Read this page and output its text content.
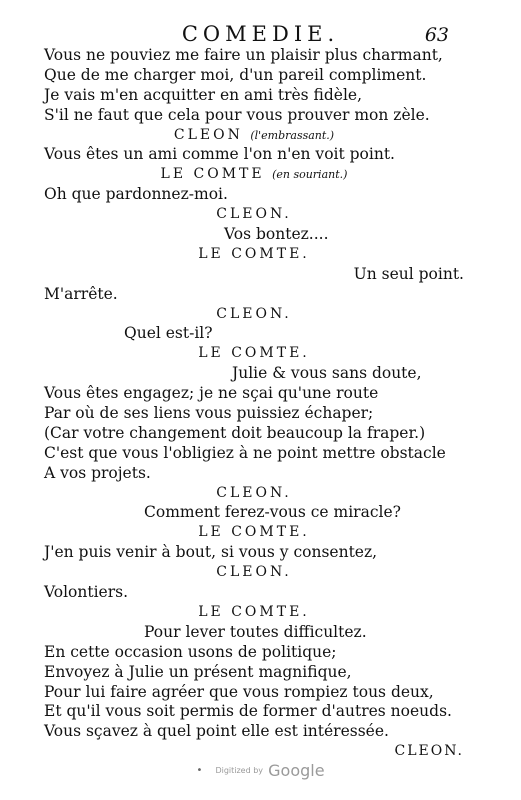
COMEDIE.	63
Vous ne pouviez me faire un plaisir plus charmant,
Que de me charger moi, d'un pareil compliment.
Je vais m'en acquitter en ami très fidèle,
S'il ne faut que cela pour vous prouver mon zèle.
CLEON (l'embrassant.)
Vous êtes un ami comme l'on n'en voit point.
LE COMTE (en souriant.)
Oh que pardonnez-moi.
CLEON.
Vos bontez....
LE COMTE.
Un seul point.
M'arrête.
CLEON.
Quel est-il?
LE COMTE.
Julie & vous sans doute,
Vous êtes engagez; je ne sçai qu'une route
Par où de ses liens vous puissiez échaper;
(Car votre changement doit beaucoup la fraper.)
C'est que vous l'obligiez à ne point mettre obstacle
A vos projets.
CLEON.
Comment ferez-vous ce miracle?
LE COMTE.
J'en puis venir à bout, si vous y consentez,
CLEON.
Volontiers.
LE COMTE.
Pour lever toutes difficultez.
En cette occasion usons de politique;
Envoyez à Julie un présent magnifique,
Pour lui faire agréer que vous rompiez tous deux,
Et qu'il vous soit permis de former d'autres noeuds.
Vous sçavez à quel point elle est intéressée.
CLEON.
• Digitized by Google
